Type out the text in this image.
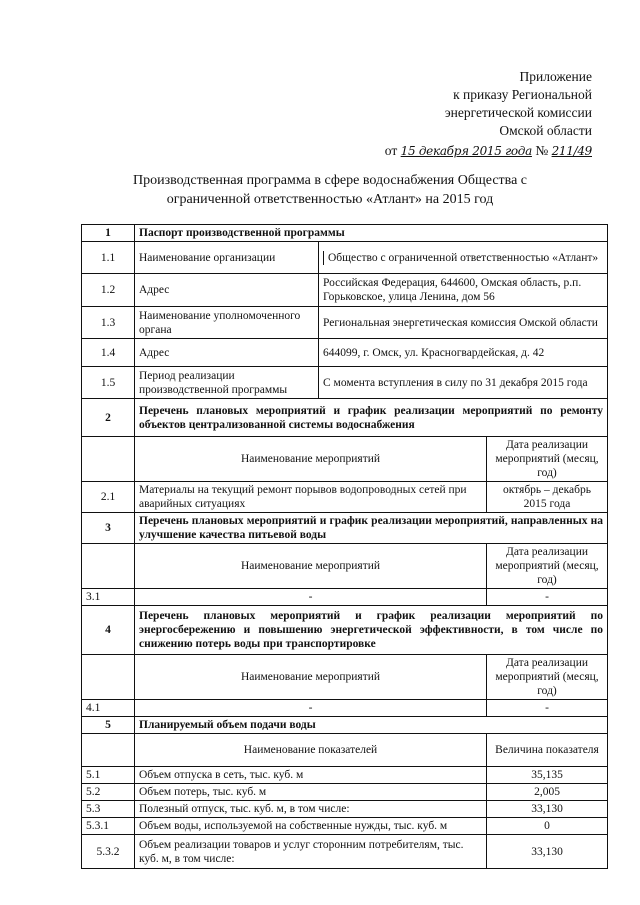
Приложение
к приказу Региональной
энергетической комиссии
Омской области
от 15 декабря 2015 года № 211/49
Производственная программа в сфере водоснабжения Общества с
ограниченной ответственностью «Атлант» на 2015 год
1	Паспорт производственной программы		
1.1	Наименование организации	Общество с ограниченной ответственностью «Атлант»	

1.2	Адрес	Российская Федерация, 644600, Омская область, р.п. Горьковское, улица Ленина, дом 56	
1.3	Наименование уполномоченного органа	Региональная энергетическая комиссия Омской области	
1.4	Адрес	644099, г. Омск, ул. Красногвардейская, д. 42	
1.5	Период реализации производственной программы	С момента вступления в силу по 31 декабря 2015 года	
2	Перечень плановых мероприятий и график реализации мероприятий по ремонту объектов централизованной системы водоснабжения		
	Наименование мероприятий		Дата реализации мероприятий (месяц, год)
2.1	Материалы на текущий ремонт порывов водопроводных сетей при аварийных ситуациях		октябрь – декабрь 2015 года
3	Перечень плановых мероприятий и график реализации мероприятий, направленных на улучшение качества питьевой воды		
	Наименование мероприятий		Дата реализации мероприятий (месяц, год)
3.1	-		-
4	Перечень плановых мероприятий и график реализации мероприятий по энергосбережению и повышению энергетической эффективности, в том числе по снижению потерь воды при транспортировке		
	Наименование мероприятий		Дата реализации мероприятий (месяц, год)
4.1	-		-
5	Планируемый объем подачи воды		
	Наименование показателей		Величина показателя
5.1	Объем отпуска в сеть, тыс. куб. м		35,135
5.2	Объем потерь, тыс. куб. м		2,005
5.3	Полезный отпуск, тыс. куб. м, в том числе:		33,130
5.3.1	Объем воды, используемой на собственные нужды, тыс. куб. м		0
5.3.2	Объем реализации товаров и услуг сторонним потребителям, тыс. куб. м, в том числе:		33,130
